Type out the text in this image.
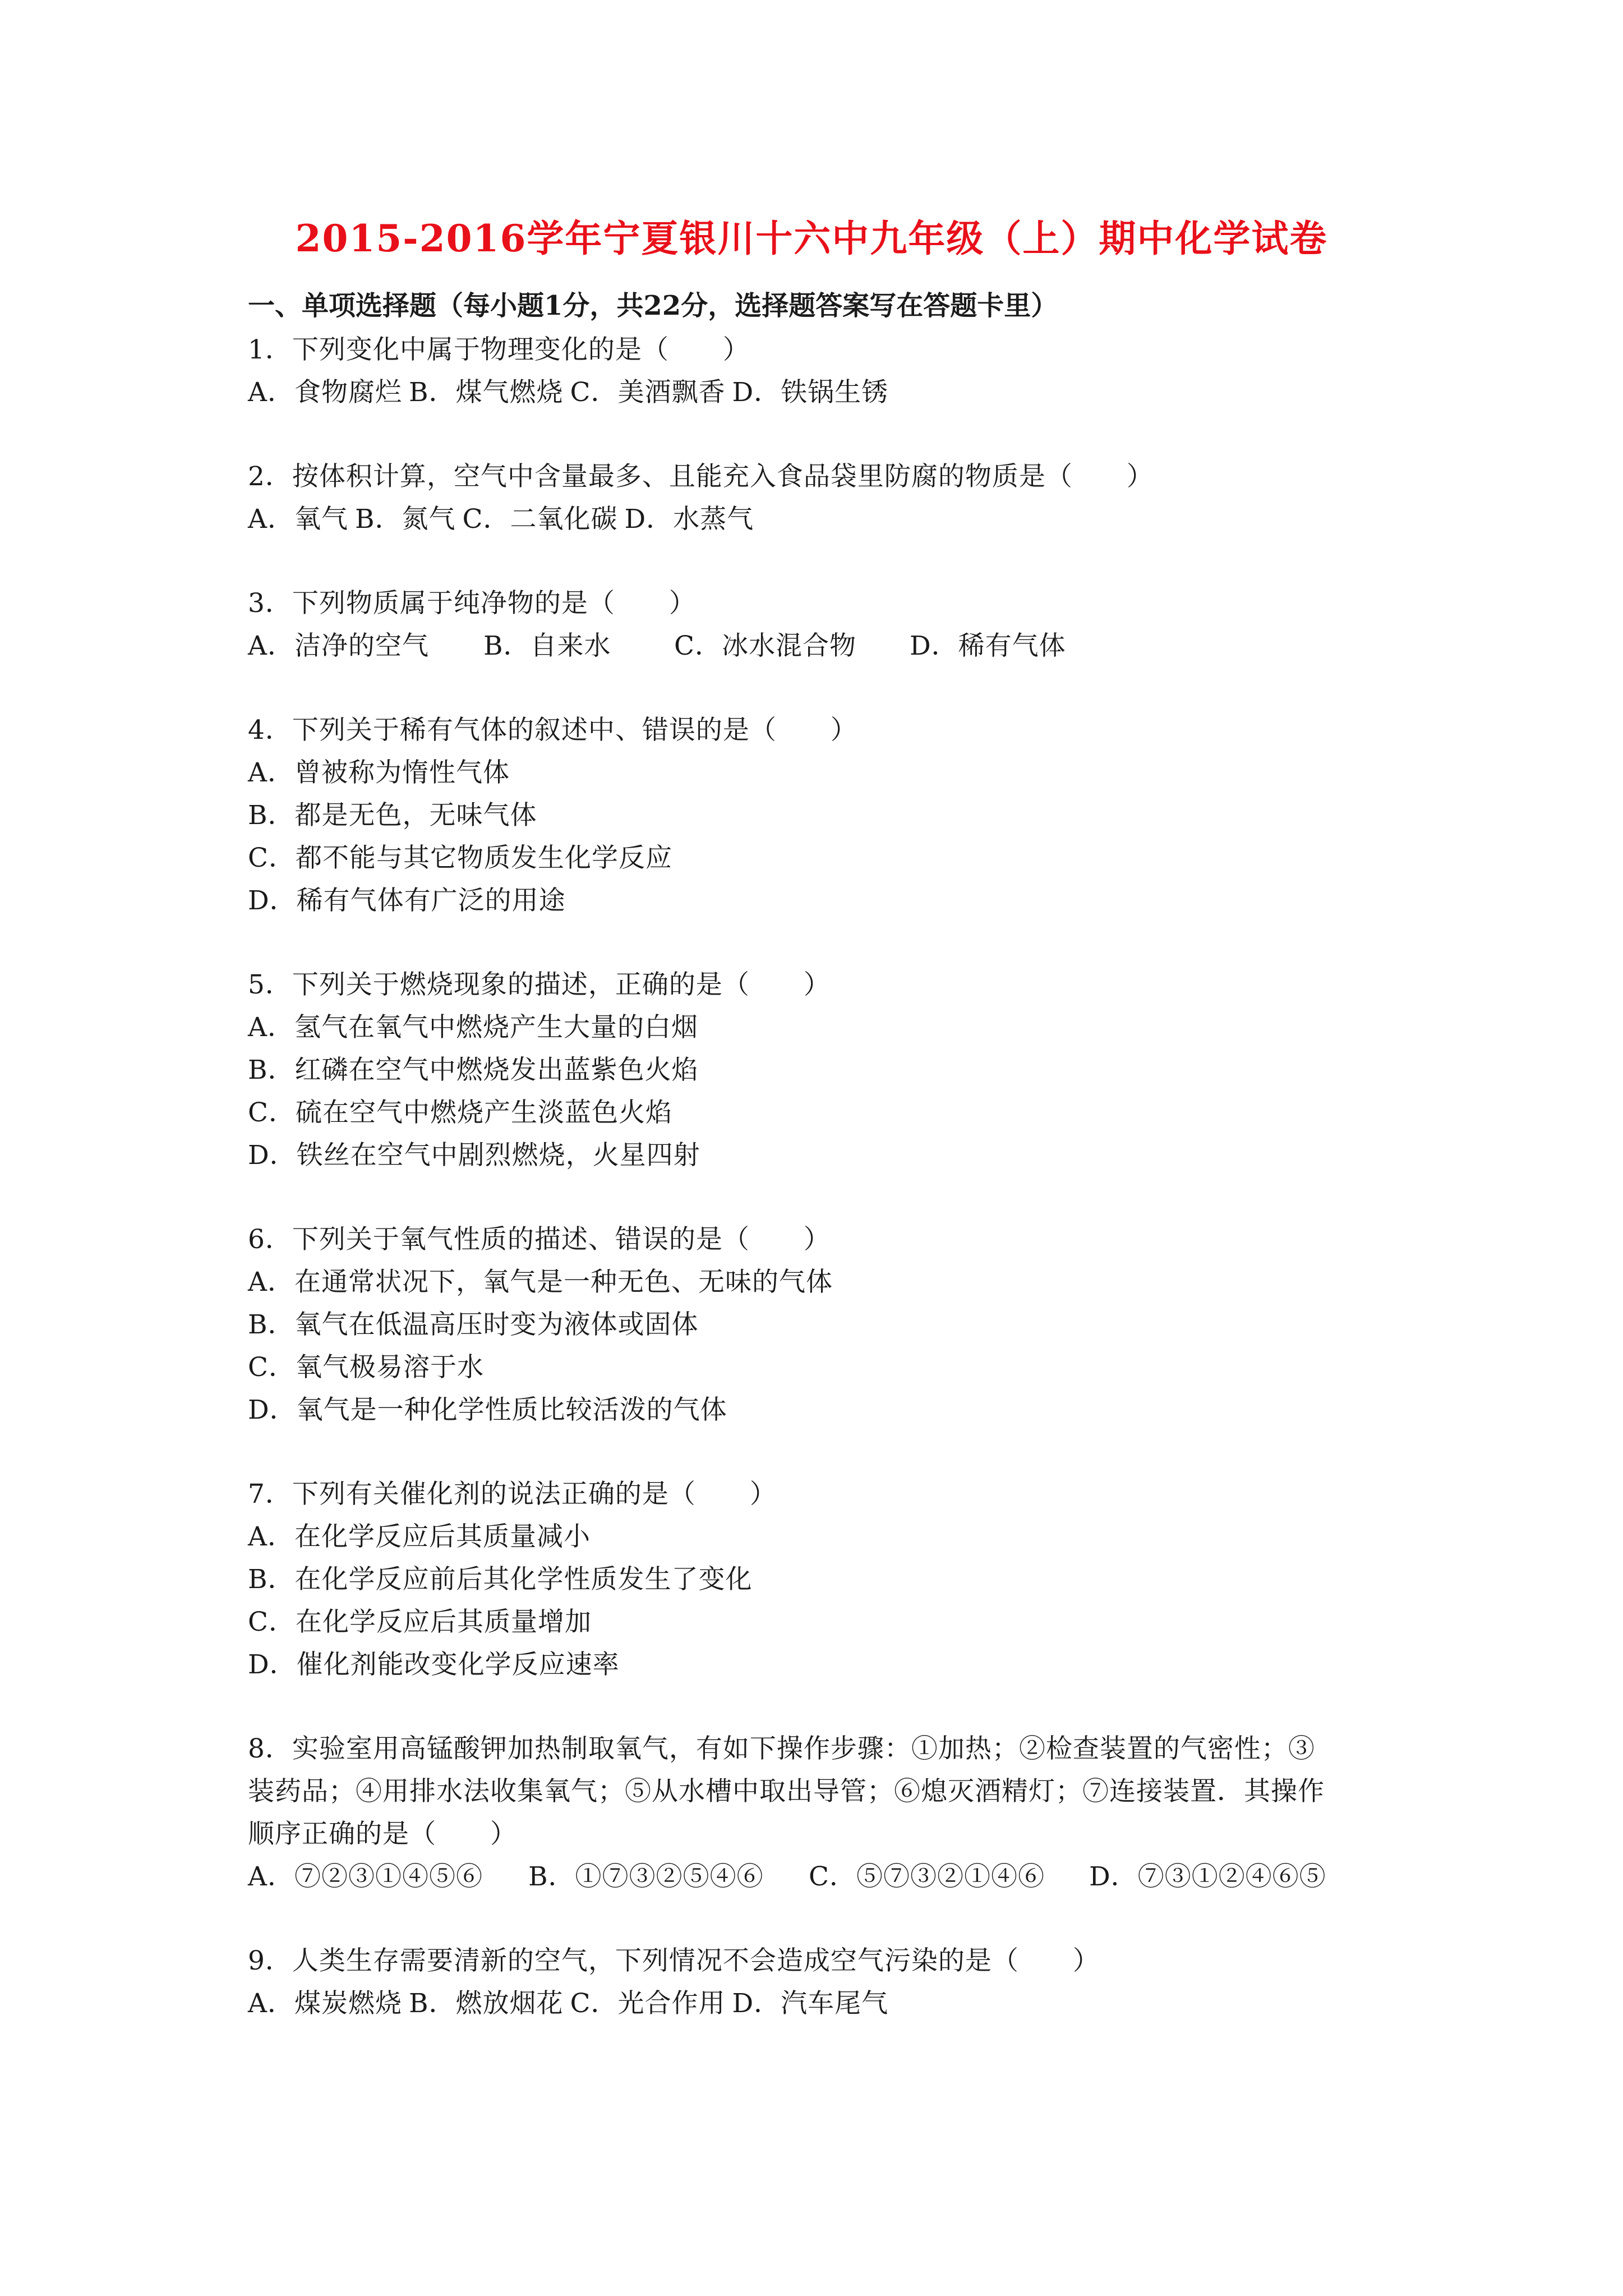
2015-2016学年宁夏银川十六中九年级（上）期中化学试卷
一、单项选择题（每小题1分，共22分，选择题答案写在答题卡里）
1．下列变化中属于物理变化的是（　　）
A．食物腐烂 B．煤气燃烧 C．美酒飘香 D．铁锅生锈
2．按体积计算，空气中含量最多、且能充入食品袋里防腐的物质是（　　）
A．氧气 B．氮气 C．二氧化碳 D．水蒸气
3．下列物质属于纯净物的是（　　）
A．洁净的空气 B．自来水 C．冰水混合物 D．稀有气体
4．下列关于稀有气体的叙述中、错误的是（　　）
A．曾被称为惰性气体
B．都是无色，无味气体
C．都不能与其它物质发生化学反应
D．稀有气体有广泛的用途
5．下列关于燃烧现象的描述，正确的是（　　）
A．氢气在氧气中燃烧产生大量的白烟
B．红磷在空气中燃烧发出蓝紫色火焰
C．硫在空气中燃烧产生淡蓝色火焰
D．铁丝在空气中剧烈燃烧，火星四射
6．下列关于氧气性质的描述、错误的是（　　）
A．在通常状况下，氧气是一种无色、无味的气体
B．氧气在低温高压时变为液体或固体
C．氧气极易溶于水
D．氧气是一种化学性质比较活泼的气体
7．下列有关催化剂的说法正确的是（　　）
A．在化学反应后其质量减小
B．在化学反应前后其化学性质发生了变化
C．在化学反应后其质量增加
D．催化剂能改变化学反应速率
8．实验室用高锰酸钾加热制取氧气，有如下操作步骤：①加热；②检查装置的气密性；③
装药品；④用排水法收集氧气；⑤从水槽中取出导管；⑥熄灭酒精灯；⑦连接装置．其操作
顺序正确的是（　　）
A．⑦②③①④⑤⑥ B．①⑦③②⑤④⑥ C．⑤⑦③②①④⑥ D．⑦③①②④⑥⑤
9．人类生存需要清新的空气，下列情况不会造成空气污染的是（　　）
A．煤炭燃烧 B．燃放烟花 C．光合作用 D．汽车尾气
